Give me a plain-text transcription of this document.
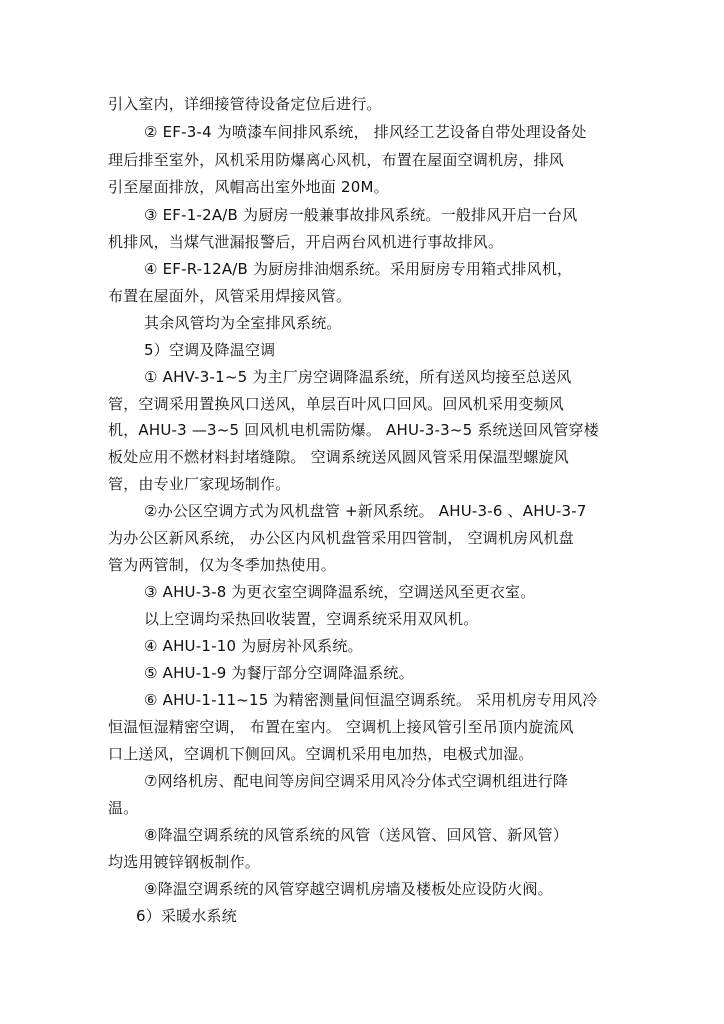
引入室内，详细接管待设备定位后进行。

② EF-3-4 为喷漆车间排风系统， 排风经工艺设备自带处理设备处

理后排至室外，风机采用防爆离心风机，布置在屋面空调机房，排风

引至屋面排放，风帽高出室外地面 20M。

③ EF-1-2A/B 为厨房一般兼事故排风系统。一般排风开启一台风

机排风，当煤气泄漏报警后，开启两台风机进行事故排风。

④ EF-R-12A/B 为厨房排油烟系统。采用厨房专用箱式排风机，

布置在屋面外，风管采用焊接风管。

其余风管均为全室排风系统。

5）空调及降温空调

① AHV-3-1~5 为主厂房空调降温系统，所有送风均接至总送风

管，空调采用置换风口送风，单层百叶风口回风。回风机采用变频风

机，AHU-3 —3~5 回风机电机需防爆。 AHU-3-3~5 系统送回风管穿楼

板处应用不燃材料封堵缝隙。 空调系统送风圆风管采用保温型螺旋风

管，由专业厂家现场制作。

②办公区空调方式为风机盘管 +新风系统。 AHU-3-6 、AHU-3-7

为办公区新风系统， 办公区内风机盘管采用四管制， 空调机房风机盘

管为两管制，仅为冬季加热使用。

③ AHU-3-8 为更衣室空调降温系统，空调送风至更衣室。

以上空调均采热回收装置，空调系统采用双风机。

④ AHU-1-10 为厨房补风系统。

⑤ AHU-1-9 为餐厅部分空调降温系统。

⑥ AHU-1-11~15 为精密测量间恒温空调系统。 采用机房专用风冷

恒温恒湿精密空调， 布置在室内。 空调机上接风管引至吊顶内旋流风

口上送风，空调机下侧回风。空调机采用电加热，电极式加湿。

⑦网络机房、配电间等房间空调采用风冷分体式空调机组进行降

温。

⑧降温空调系统的风管系统的风管（送风管、回风管、新风管）

均选用镀锌钢板制作。

⑨降温空调系统的风管穿越空调机房墙及楼板处应设防火阀。

6）采暖水系统
